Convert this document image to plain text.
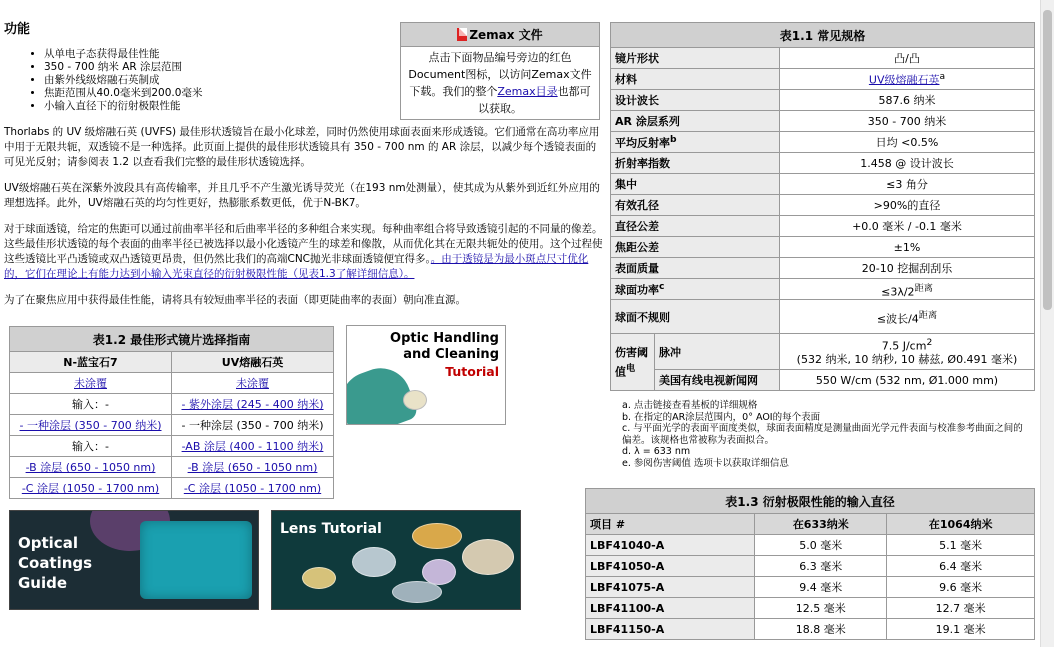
功能
• 从单电子态获得最佳性能
• 350 - 700 纳米 AR 涂层范围
• 由紫外线级熔融石英制成
• 焦距范围从40.0毫米到200.0毫米
• 小输入直径下的衍射极限性能

Thorlabs 的 UV 级熔融石英 (UVFS) 最佳形状透镜旨在最小化球差，同时仍然使用球面表面来形成透镜。它们通常在高功率应用中用于无限共轭，双透镜不是一种选择。此页面上提供的最佳形状透镜具有 350 - 700 nm 的 AR 涂层，以减少每个透镜表面的可见光反射；请参阅表 1.2 以查看我们完整的最佳形状透镜选择。

UV级熔融石英在深紫外波段具有高传输率，并且几乎不产生激光诱导荧光（在193 nm处测量），使其成为从紫外到近红外应用的理想选择。此外，UV熔融石英的均匀性更好，热膨胀系数更低，优于N-BK7。

对于球面透镜，给定的焦距可以通过前曲率半径和后曲率半径的多种组合来实现。每种曲率组合将导致透镜引起的不同量的像差。这些最佳形状透镜的每个表面的曲率半径已被选择以最小化透镜产生的球差和像散，从而优化其在无限共轭处的使用。这个过程使这些透镜比平凸透镜或双凸透镜更昂贵，但仍然比我们的高端CNC抛光非球面透镜便宜得多。。由于透镜是为最小斑点尺寸优化的，它们在理论上有能力达到小输入光束直径的衍射极限性能（见表1.3了解详细信息）。

为了在聚焦应用中获得最佳性能，请将具有较短曲率半径的表面（即更陡曲率的表面）朝向准直源。

Zemax 文件
点击下面物品编号旁边的红色Document图标，以访问Zemax文件下载。我们的整个Zemax目录也都可以获取。
表1.1 常见规格		
镜片形状		凸/凸
材料		UV级熔融石英$^a$
设计波长		587.6 纳米
AR 涂层系列		350 - 700 纳米
平均反射率$^b$		日均 <0.5%
折射率指数		1.458 @ 设计波长
集中		≤3 角分
有效孔径		>90%的直径
直径公差		+0.0 毫米 / -0.1 毫米
焦距公差		±1%
表面质量		20-10 挖掘刮刮乐
球面功率$^c$		$\le 3\lambda/2^{距离}$
球面不规则		≤波长$/4^{距离}$
伤害阈值$^电$	脉冲	7.5 $J/cm^2$
(532 纳米, 10 纳秒, 10 赫兹, Ø0.491 毫米)
	美国有线电视新闻网	550 W/cm (532 nm, Ø1.000 mm)
a. 点击链接查看基板的详细规格
b. 在指定的AR涂层范围内，0° AOI的每个表面
c. 与平面光学的表面平面度类似，球面表面精度是测量曲面光学元件表面与校准参考曲面之间的偏差。该规格也常被称为表面拟合。
d. λ = 633 nm
e. 参阅伤害阈值 选项卡以获取详细信息
表1.2 最佳形式镜片选择指南	
N-蓝宝石7	UV熔融石英
未涂覆	未涂覆
输入：-	- 紫外涂层 (245 - 400 纳米)
- 一种涂层 (350 - 700 纳米)	- 一种涂层 (350 - 700 纳米)
输入：-	-AB 涂层 (400 - 1100 纳米)
-B 涂层 (650 - 1050 nm)	-B 涂层 (650 - 1050 nm)
-C 涂层 (1050 - 1700 nm)	-C 涂层 (1050 - 1700 nm)
Optic Handling
and Cleaning
Tutorial
Optical
Coatings
Guide
Lens Tutorial
表1.3 衍射极限性能的输入直径		
项目 #	在633纳米	在1064纳米
LBF41040-A	5.0 毫米	5.1 毫米
LBF41050-A	6.3 毫米	6.4 毫米
LBF41075-A	9.4 毫米	9.6 毫米
LBF41100-A	12.5 毫米	12.7 毫米
LBF41150-A	18.8 毫米	19.1 毫米
